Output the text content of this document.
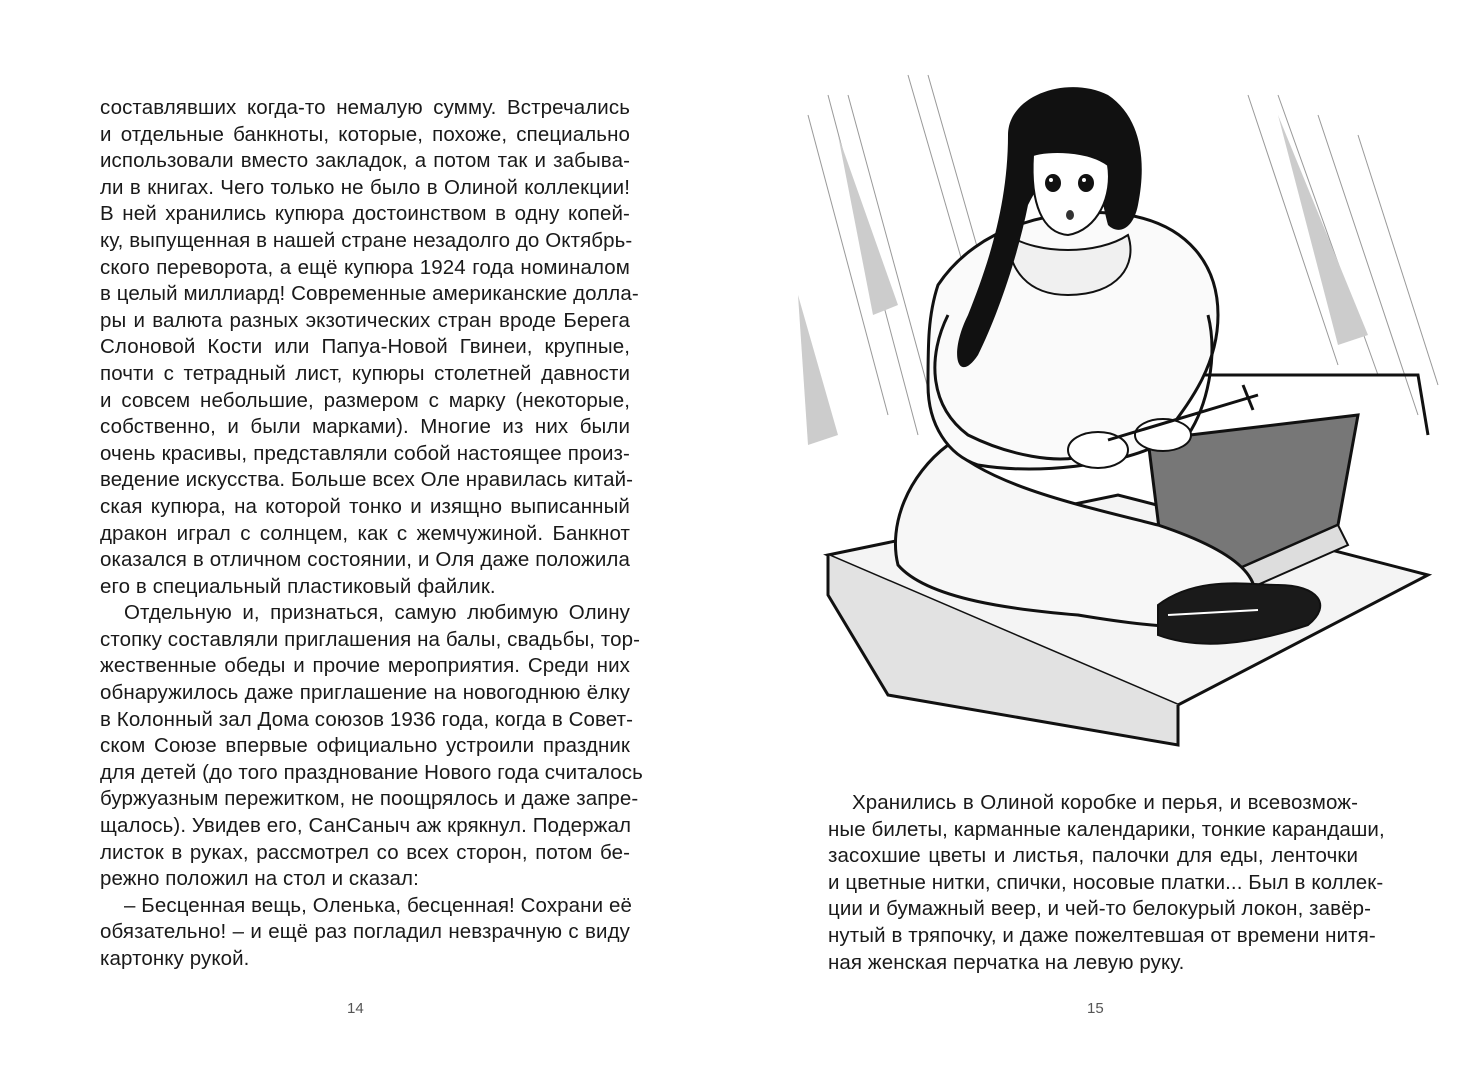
составлявших когда-то немалую сумму. Встречались
и отдельные банкноты, которые, похоже, специально
использовали вместо закладок, а потом так и забыва-
ли в книгах. Чего только не было в Олиной коллекции!
В ней хранились купюра достоинством в одну копей-
ку, выпущенная в нашей стране незадолго до Октябрь-
ского переворота, а ещё купюра 1924 года номиналом
в целый миллиард! Современные американские долла-
ры и валюта разных экзотических стран вроде Берега
Слоновой Кости или Папуа-Новой Гвинеи, крупные,
почти с тетрадный лист, купюры столетней давности
и совсем небольшие, размером с марку (некоторые,
собственно, и были марками). Многие из них были
очень красивы, представляли собой настоящее произ-
ведение искусства. Больше всех Оле нравилась китай-
ская купюра, на которой тонко и изящно выписанный
дракон играл с солнцем, как с жемчужиной. Банкнот
оказался в отличном состоянии, и Оля даже положила
его в специальный пластиковый файлик.
Отдельную и, признаться, самую любимую Олину
стопку составляли приглашения на балы, свадьбы, тор-
жественные обеды и прочие мероприятия. Среди них
обнаружилось даже приглашение на новогоднюю ёлку
в Колонный зал Дома союзов 1936 года, когда в Совет-
ском Союзе впервые официально устроили праздник
для детей (до того празднование Нового года считалось
буржуазным пережитком, не поощрялось и даже запре-
щалось). Увидев его, СанСаныч аж крякнул. Подержал
листок в руках, рассмотрел со всех сторон, потом бе-
режно положил на стол и сказал:
– Бесценная вещь, Оленька, бесценная! Сохрани её
обязательно! – и ещё раз погладил невзрачную с виду
картонку рукой.
14
Хранились в Олиной коробке и перья, и всевозмож-
ные билеты, карманные календарики, тонкие карандаши,
засохшие цветы и листья, палочки для еды, ленточки
и цветные нитки, спички, носовые платки... Был в коллек-
ции и бумажный веер, и чей-то белокурый локон, завёр-
нутый в тряпочку, и даже пожелтевшая от времени нитя-
ная женская перчатка на левую руку.
15
